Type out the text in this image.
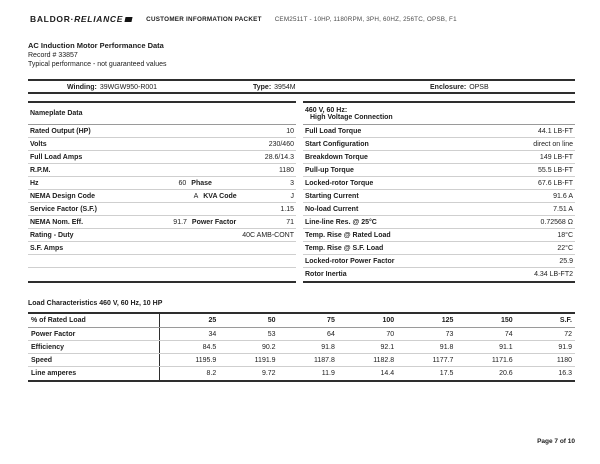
BALDOR · RELIANCE	CUSTOMER INFORMATION PACKET CEM2511T - 10HP, 1180RPM, 3PH, 60HZ, 256TC, OPSB, F1
AC Induction Motor Performance Data
Record # 33857
Typical performance - not guaranteed values
Winding: 39WGW950-R001	Type: 3954M	Enclosure: OPSB
Nameplate Data
Rated Output (HP)	10
Volts	230/460
Full Load Amps	28.6/14.3
R.P.M.	1180
Hz	60 Phase	3
NEMA Design Code	A KVA Code	J
Service Factor (S.F.)	1.15
NEMA Nom. Eff.	91.7 Power Factor	71
Rating - Duty	40C AMB-CONT
S.F. Amps
460 V, 60 Hz:
High Voltage Connection
Full Load Torque	44.1 LB-FT
Start Configuration	direct on line
Breakdown Torque	149 LB-FT
Pull-up Torque	55.5 LB-FT
Locked-rotor Torque	67.6 LB-FT
Starting Current	91.6 A
No-load Current	7.51 A
Line-line Res. @ 25°C	0.72568 Ω
Temp. Rise @ Rated Load	18°C
Temp. Rise @ S.F. Load	22°C
Locked-rotor Power Factor	25.9
Rotor Inertia	4.34 LB-FT2
Load Characteristics 460 V, 60 Hz, 10 HP
% of Rated Load	25	50	75	100	125	150	S.F.
Power Factor	34	53	64	70	73	74	72
Efficiency	84.5	90.2	91.8	92.1	91.8	91.1	91.9
Speed	1195.9	1191.9	1187.8	1182.8	1177.7	1171.6	1180
Line amperes	8.2	9.72	11.9	14.4	17.5	20.6	16.3
Page 7 of 10
